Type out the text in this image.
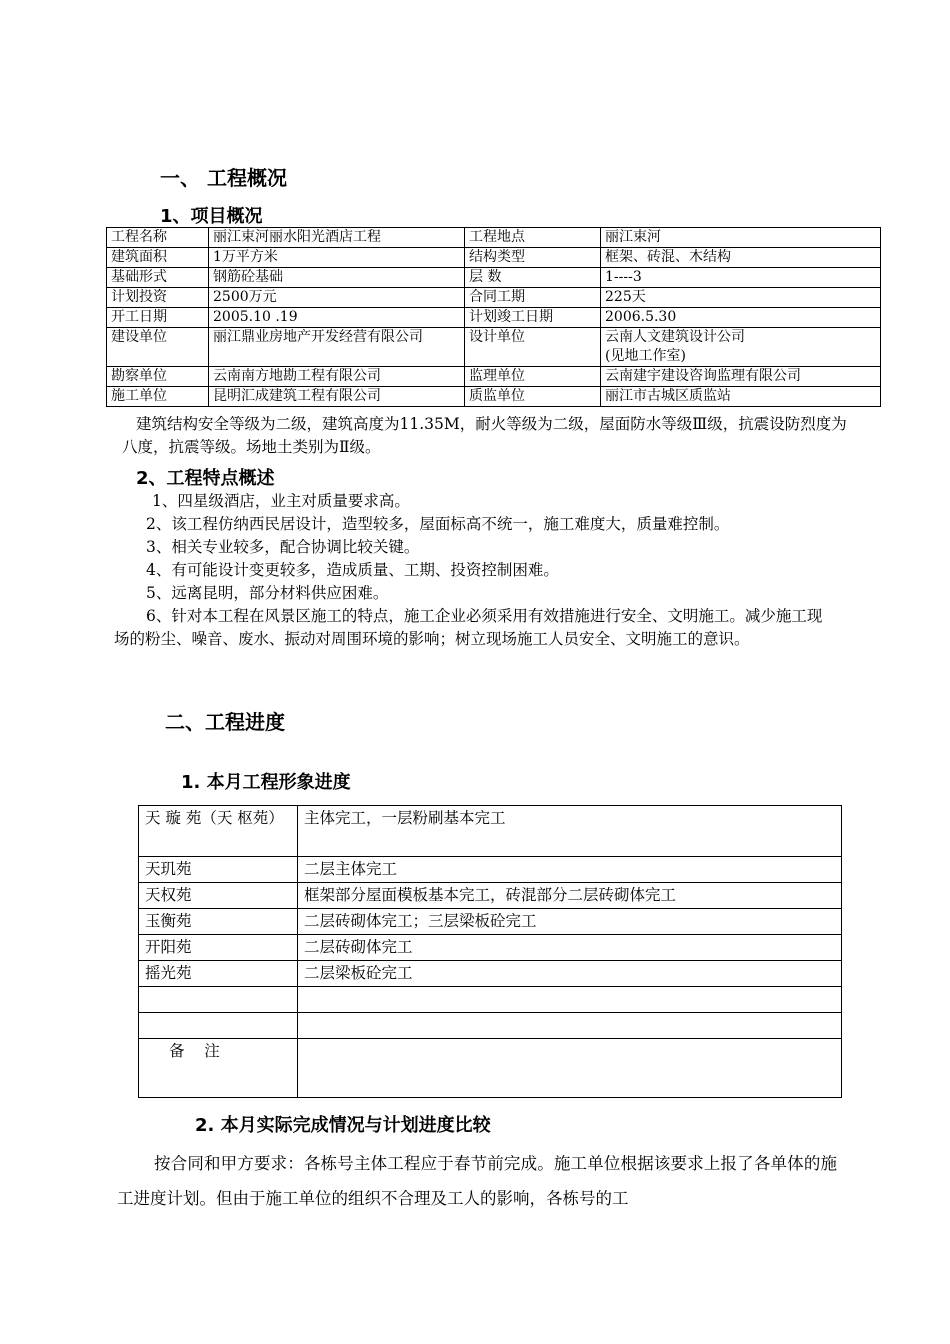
一、 工程概况
1、项目概况
工程名称	丽江束河丽水阳光酒店工程	工程地点	丽江束河
建筑面积	1万平方米	结构类型	框架、砖混、木结构
基础形式	钢筋砼基础	层 数	1----3
计划投资	2500万元	合同工期	225天
开工日期	2005.10 .19	计划竣工日期	2006.5.30
建设单位	丽江鼎业房地产开发经营有限公司	设计单位	云南人文建筑设计公司
(见地工作室)
勘察单位	云南南方地勘工程有限公司	监理单位	云南建宇建设咨询监理有限公司
施工单位	昆明汇成建筑工程有限公司	质监单位	丽江市古城区质监站
建筑结构安全等级为二级，建筑高度为11.35M，耐火等级为二级，屋面防水等级Ⅲ级，抗震设防烈度为八度，抗震等级。场地土类别为Ⅱ级。
2、工程特点概述
1、四星级酒店，业主对质量要求高。
2、该工程仿纳西民居设计，造型较多，屋面标高不统一，施工难度大，质量难控制。
3、相关专业较多，配合协调比较关键。
4、有可能设计变更较多，造成质量、工期、投资控制困难。
5、远离昆明，部分材料供应困难。
6、针对本工程在风景区施工的特点，施工企业必须采用有效措施进行安全、文明施工。减少施工现场的粉尘、噪音、废水、振动对周围环境的影响；树立现场施工人员安全、文明施工的意识。
二、工程进度
1. 本月工程形象进度
天 璇 苑（天 枢苑）	主体完工，一层粉刷基本完工
天玑苑	二层主体完工
天权苑	框架部分屋面模板基本完工，砖混部分二层砖砌体完工
玉衡苑	二层砖砌体完工；三层梁板砼完工
开阳苑	二层砖砌体完工
摇光苑	二层梁板砼完工

备    注	
2. 本月实际完成情况与计划进度比较
按合同和甲方要求：各栋号主体工程应于春节前完成。施工单位根据该要求上报了各单体的施工进度计划。但由于施工单位的组织不合理及工人的影响，各栋号的工
